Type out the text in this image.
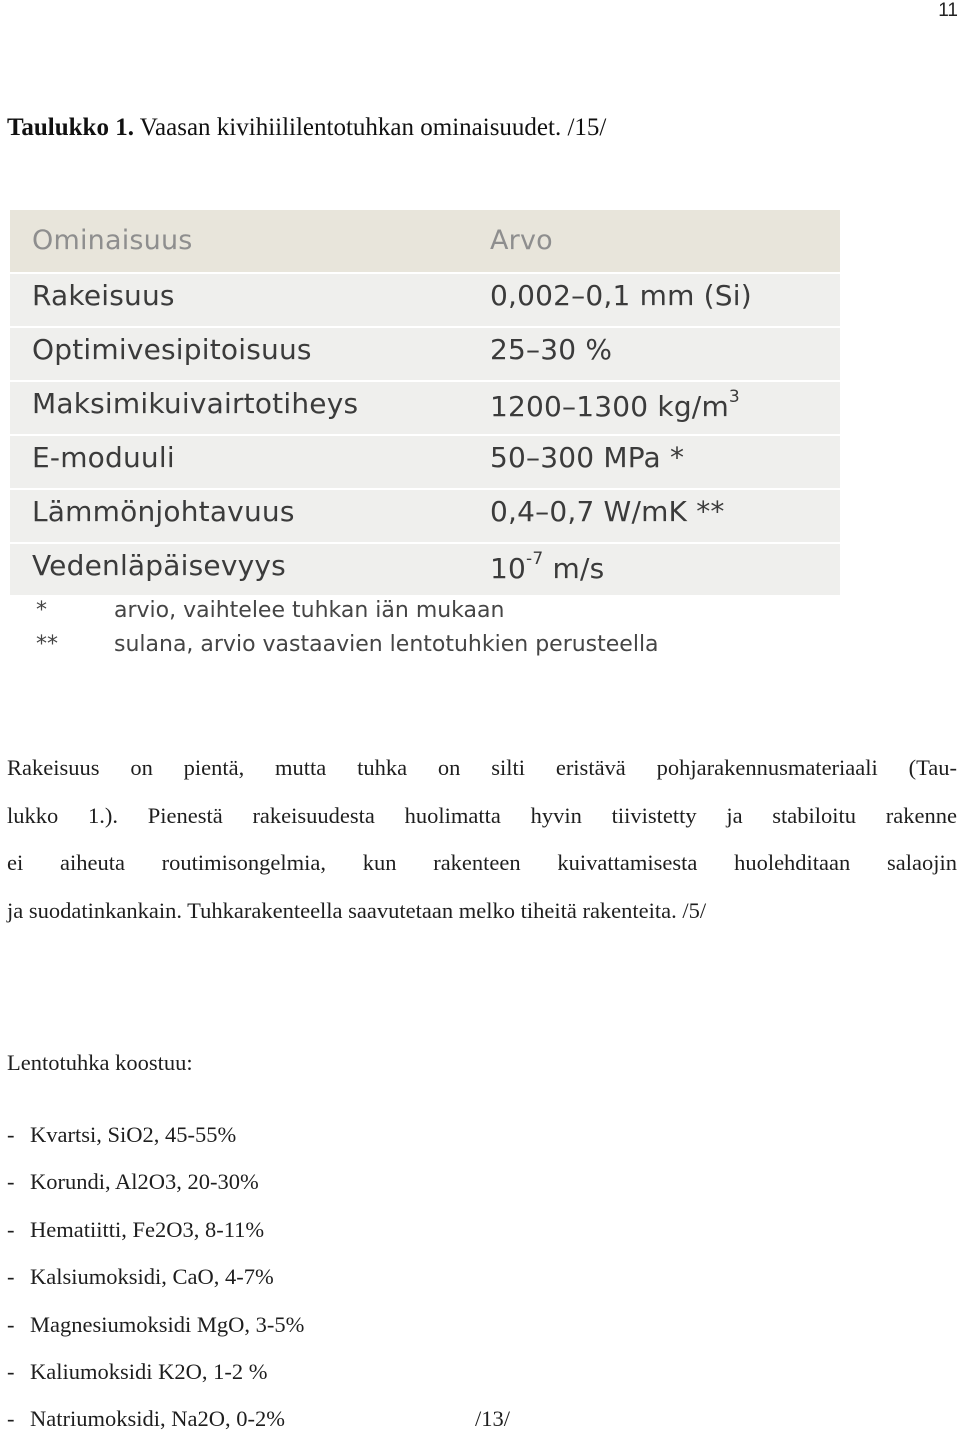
11
Taulukko 1. Vaasan kivihiililentotuhkan ominaisuudet. /15/
Ominaisuus	Arvo
Rakeisuus	0,002–0,1 mm (Si)
Optimivesipitoisuus	25–30 %
Maksimikuivairtotiheys	1200–1300 $kg/m^3$
E-moduuli	50–300 MPa *
Lämmönjohtavuus	0,4–0,7 W/mK **
Vedenläpäisevyys	$10^{-7}$ m/s
*	arvio, vaihtelee tuhkan iän mukaan
**	sulana, arvio vastaavien lentotuhkien perusteella
Rakeisuus on pientä, mutta tuhka on silti eristävä pohjarakennusmateriaali (Tau-
lukko 1.). Pienestä rakeisuudesta huolimatta hyvin tiivistetty ja stabiloitu rakenne
ei aiheuta routimisongelmia, kun rakenteen kuivattamisesta huolehditaan salaojin
ja suodatinkankain. Tuhkarakenteella saavutetaan melko tiheitä rakenteita. /5/
Lentotuhka koostuu:
- Kvartsi, SiO2, 45-55%
- Korundi, Al2O3, 20-30%
- Hematiitti, Fe2O3, 8-11%
- Kalsiumoksidi, CaO, 4-7%
- Magnesiumoksidi MgO, 3-5%
- Kaliumoksidi K2O, 1-2 %
- Natriumoksidi, Na2O, 0-2%	/13/
